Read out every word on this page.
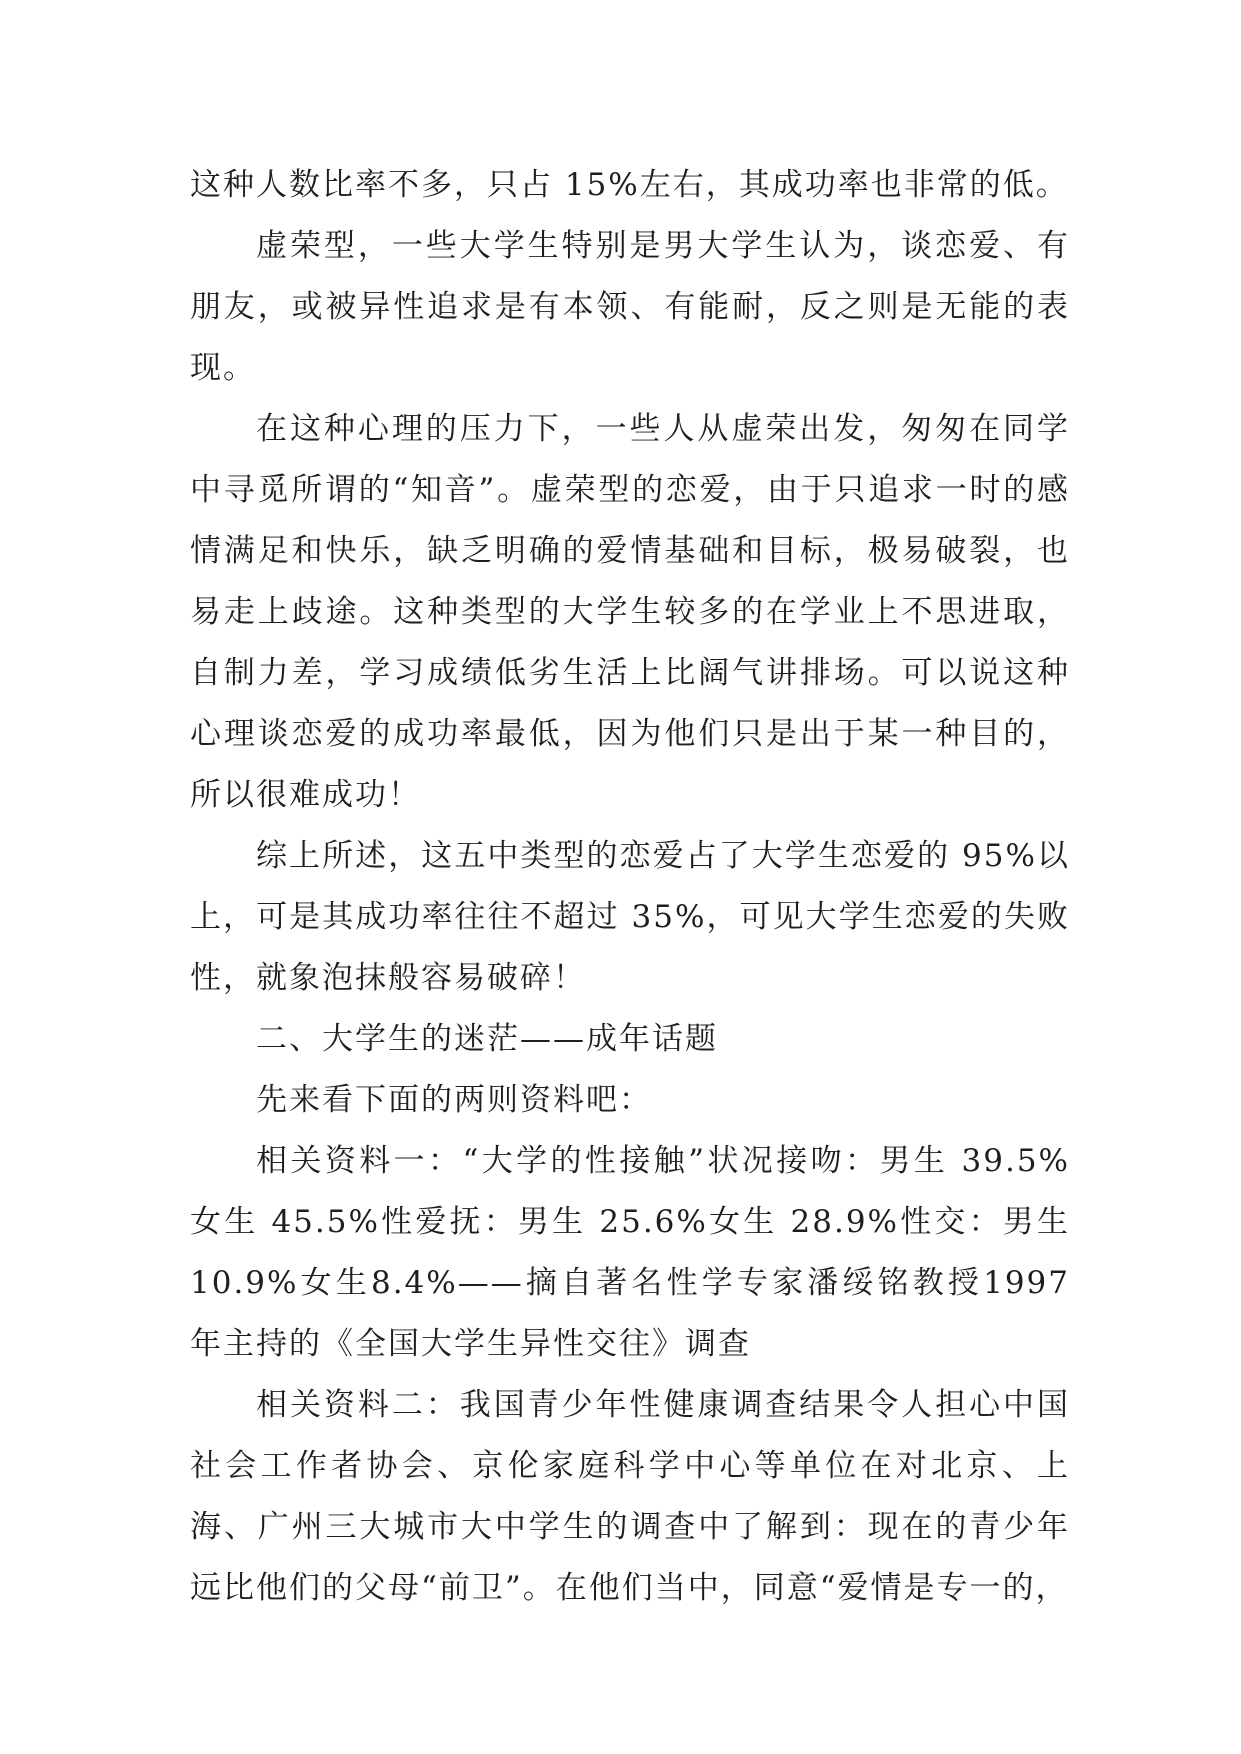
这种人数比率不多，只占 15%左右，其成功率也非常的低。

虚荣型，一些大学生特别是男大学生认为，谈恋爱、有朋友，或被异性追求是有本领、有能耐，反之则是无能的表现。

在这种心理的压力下，一些人从虚荣出发，匆匆在同学中寻觅所谓的“知音”。虚荣型的恋爱，由于只追求一时的感情满足和快乐，缺乏明确的爱情基础和目标，极易破裂，也易走上歧途。这种类型的大学生较多的在学业上不思进取，自制力差，学习成绩低劣生活上比阔气讲排场。可以说这种心理谈恋爱的成功率最低，因为他们只是出于某一种目的，所以很难成功！

综上所述，这五中类型的恋爱占了大学生恋爱的 95%以上，可是其成功率往往不超过 35%，可见大学生恋爱的失败性，就象泡抹般容易破碎！

二、大学生的迷茫——成年话题

先来看下面的两则资料吧：

相关资料一：“大学的性接触”状况接吻：男生 39.5%女生 45.5%性爱抚：男生 25.6%女生 28.9%性交：男生 10.9%女生8.4%——摘自著名性学专家潘绥铭教授1997 年主持的《全国大学生异性交往》调查

相关资料二：我国青少年性健康调查结果令人担心中国社会工作者协会、京伦家庭科学中心等单位在对北京、上海、广州三大城市大中学生的调查中了解到：现在的青少年远比他们的父母“前卫”。在他们当中，同意“爱情是专一的，
